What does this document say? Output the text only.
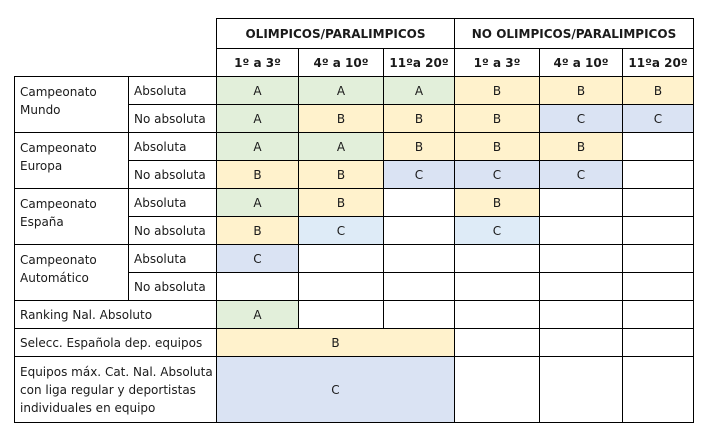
		OLIMPICOS/PARALIMPICOS			NO OLIMPICOS/PARALIMPICOS		
		1º a 3º	4º a 10º	11ºa 20º	1º a 3º	4º a 10º	11ºa 20º
Campeonato
Mundo	Absoluta	A	A	A	B	B	B
	No absoluta	A	B	B	B	C	C
Campeonato
Europa	Absoluta	A	A	B	B	B	
	No absoluta	B	B	C	C	C	
Campeonato
España	Absoluta	A	B		B		
	No absoluta	B	C		C		
Campeonato
Automático	Absoluta	C					
	No absoluta						
Ranking Nal. Absoluto		A					
Selecc. Española dep. equipos		B					
Equipos máx. Cat. Nal. Absoluta
con liga regular y deportistas
individuales en equipo		C					
